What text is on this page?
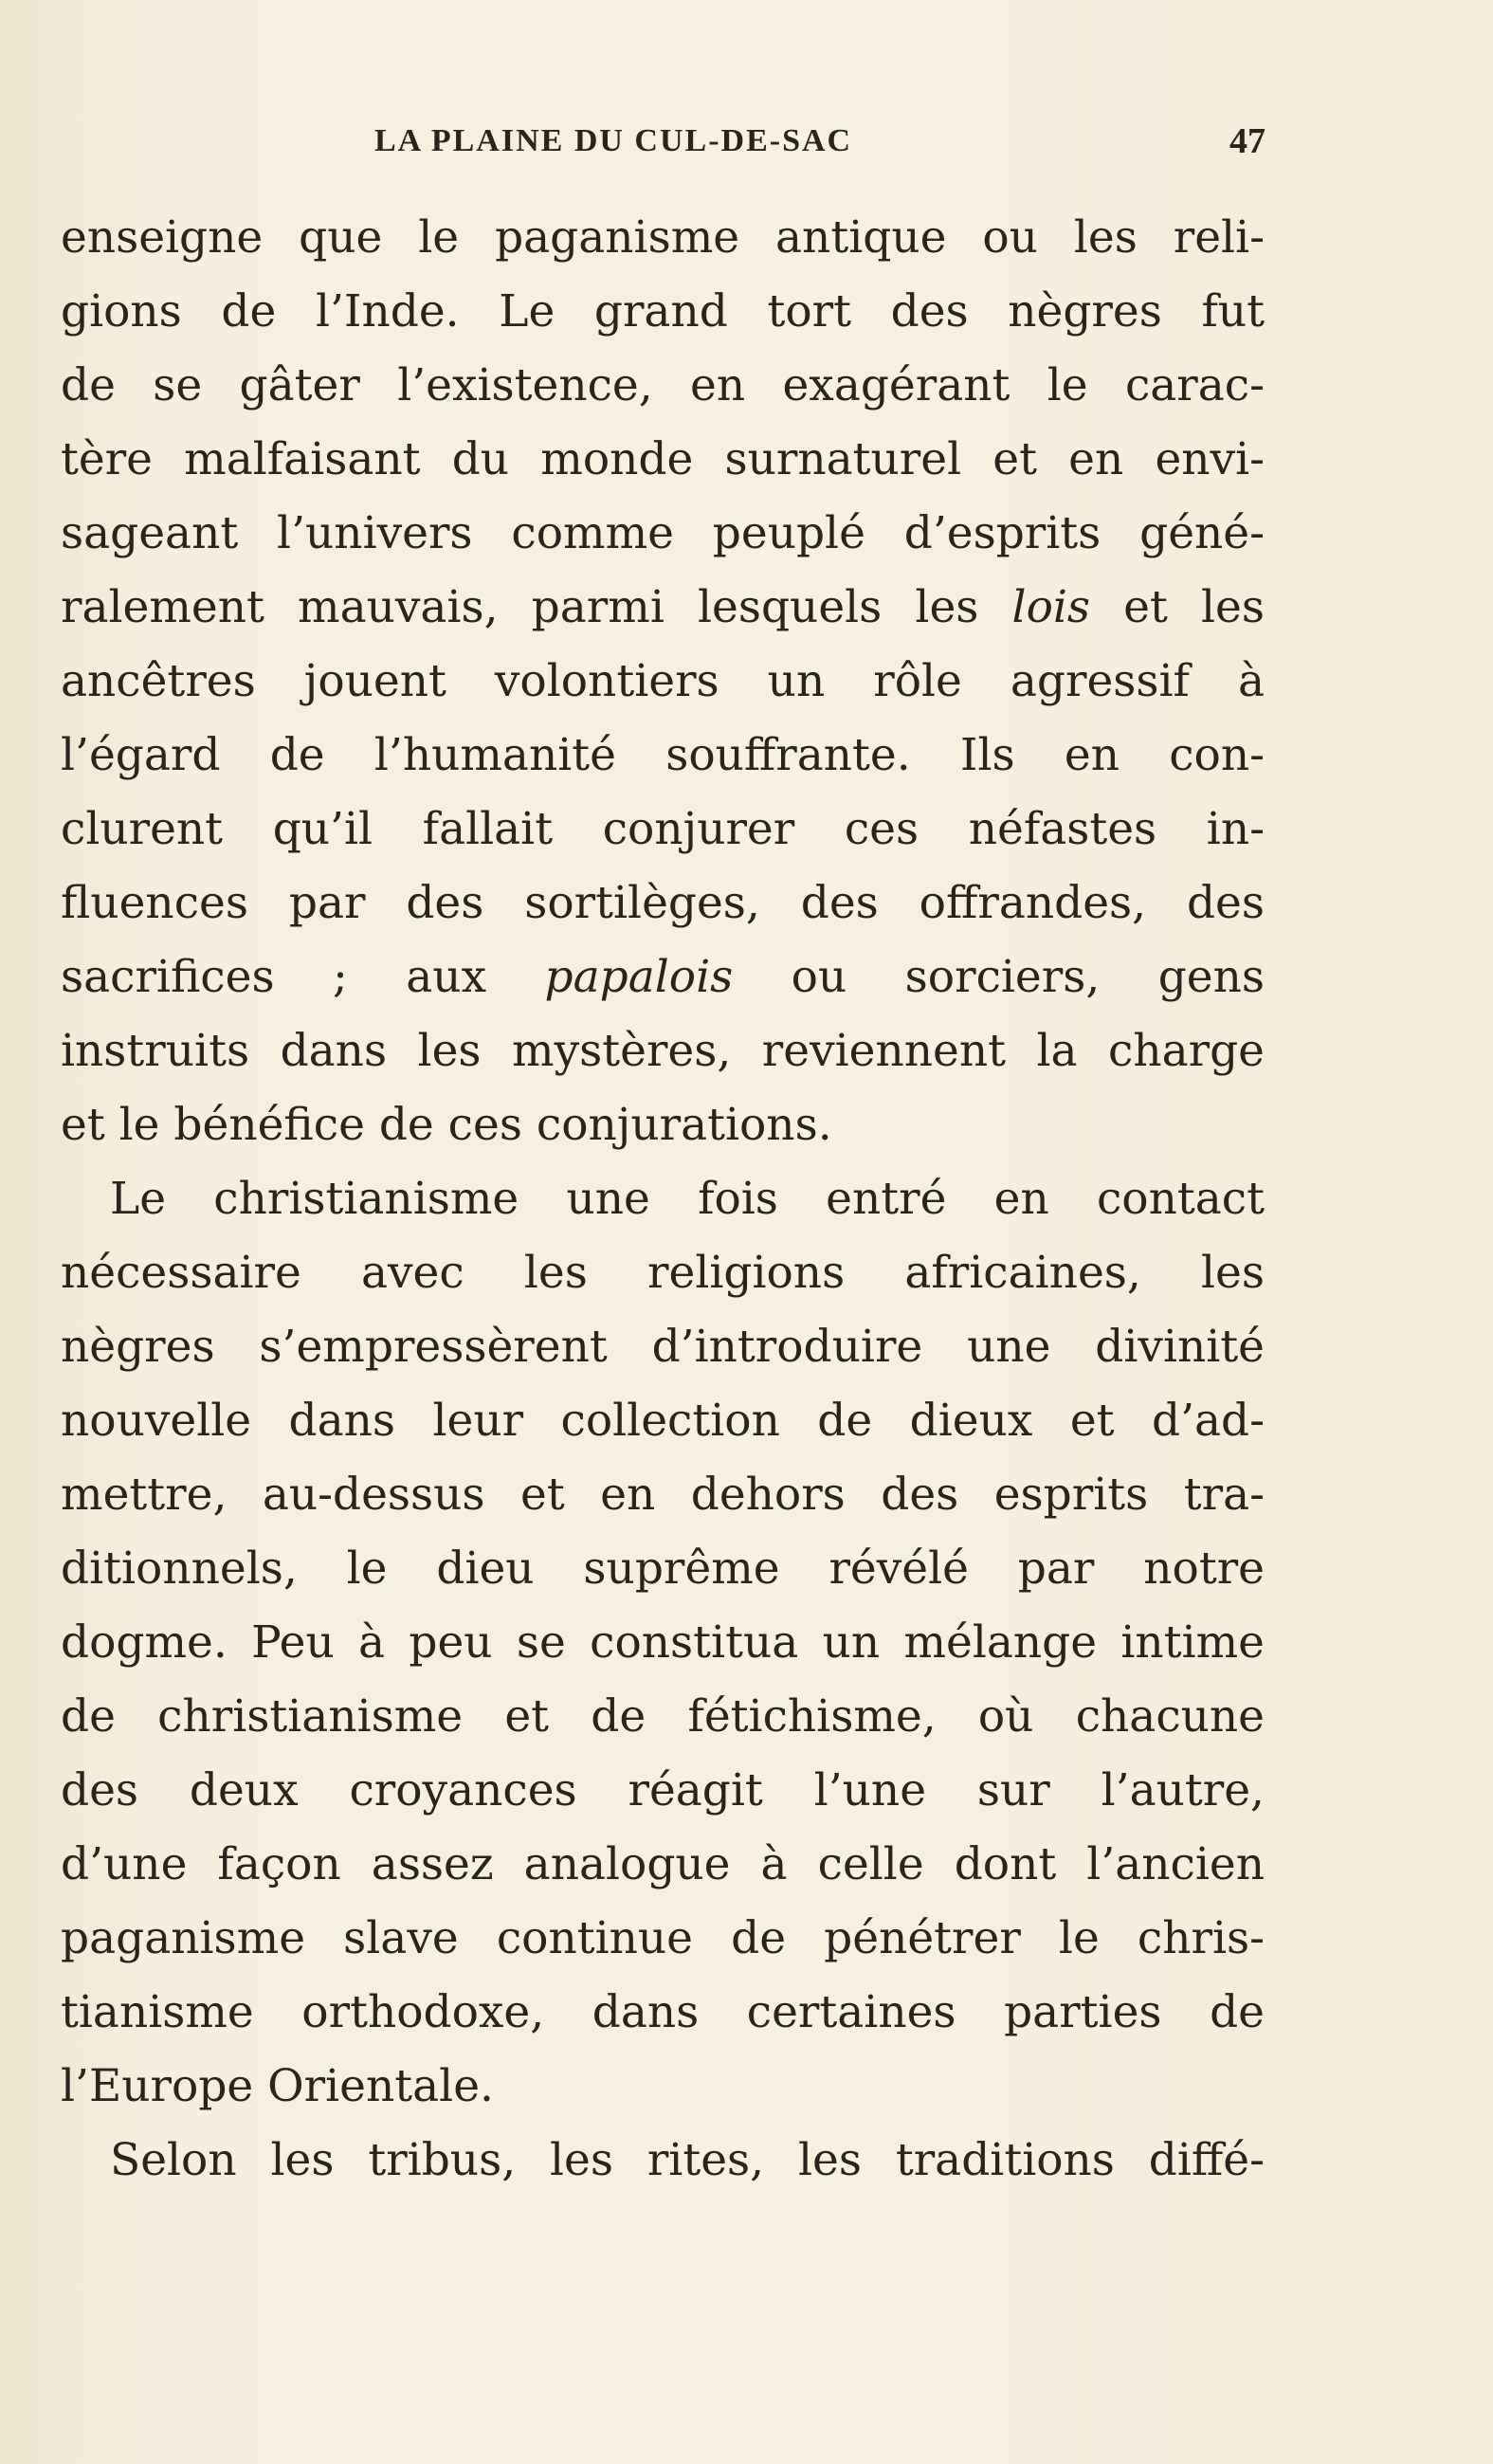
LA PLAINE DU CUL-DE-SAC	47
enseigne que le paganisme antique ou les reli-
gions de l’Inde. Le grand tort des nègres fut
de se gâter l’existence, en exagérant le carac-
tère malfaisant du monde surnaturel et en envi-
sageant l’univers comme peuplé d’esprits géné-
ralement mauvais, parmi lesquels les lois et les
ancêtres jouent volontiers un rôle agressif à
l’égard de l’humanité souffrante. Ils en con-
clurent qu’il fallait conjurer ces néfastes in-
fluences par des sortilèges, des offrandes, des
sacrifices ; aux papalois ou sorciers, gens
instruits dans les mystères, reviennent la charge
et le bénéfice de ces conjurations.
Le christianisme une fois entré en contact
nécessaire avec les religions africaines, les
nègres s’empressèrent d’introduire une divinité
nouvelle dans leur collection de dieux et d’ad-
mettre, au-dessus et en dehors des esprits tra-
ditionnels, le dieu suprême révélé par notre
dogme. Peu à peu se constitua un mélange intime
de christianisme et de fétichisme, où chacune
des deux croyances réagit l’une sur l’autre,
d’une façon assez analogue à celle dont l’ancien
paganisme slave continue de pénétrer le chris-
tianisme orthodoxe, dans certaines parties de
l’Europe Orientale.
Selon les tribus, les rites, les traditions diffé-
